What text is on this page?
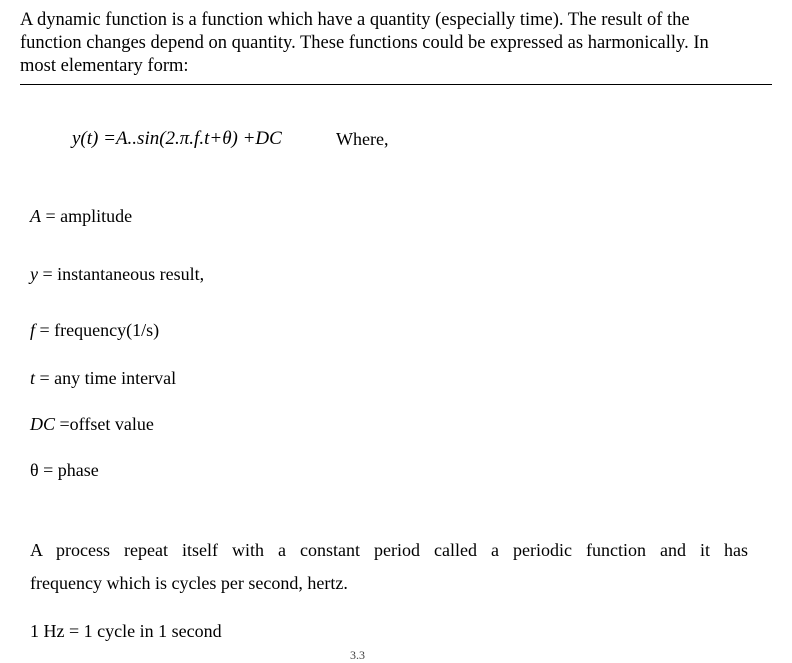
A dynamic function is a function which have a quantity (especially time). The result of the
function changes depend on quantity. These functions could be expressed as harmonically. In
most elementary form:
y(t) =A..sin(2.π.f.t+θ) +DC	Where,
A = amplitude
y = instantaneous result,
f = frequency(1/s)
t = any time interval
DC =offset value
θ = phase
A process repeat itself with a constant period called a periodic function and it has
frequency which is cycles per second, hertz.
1 Hz = 1 cycle in 1 second
3.3
